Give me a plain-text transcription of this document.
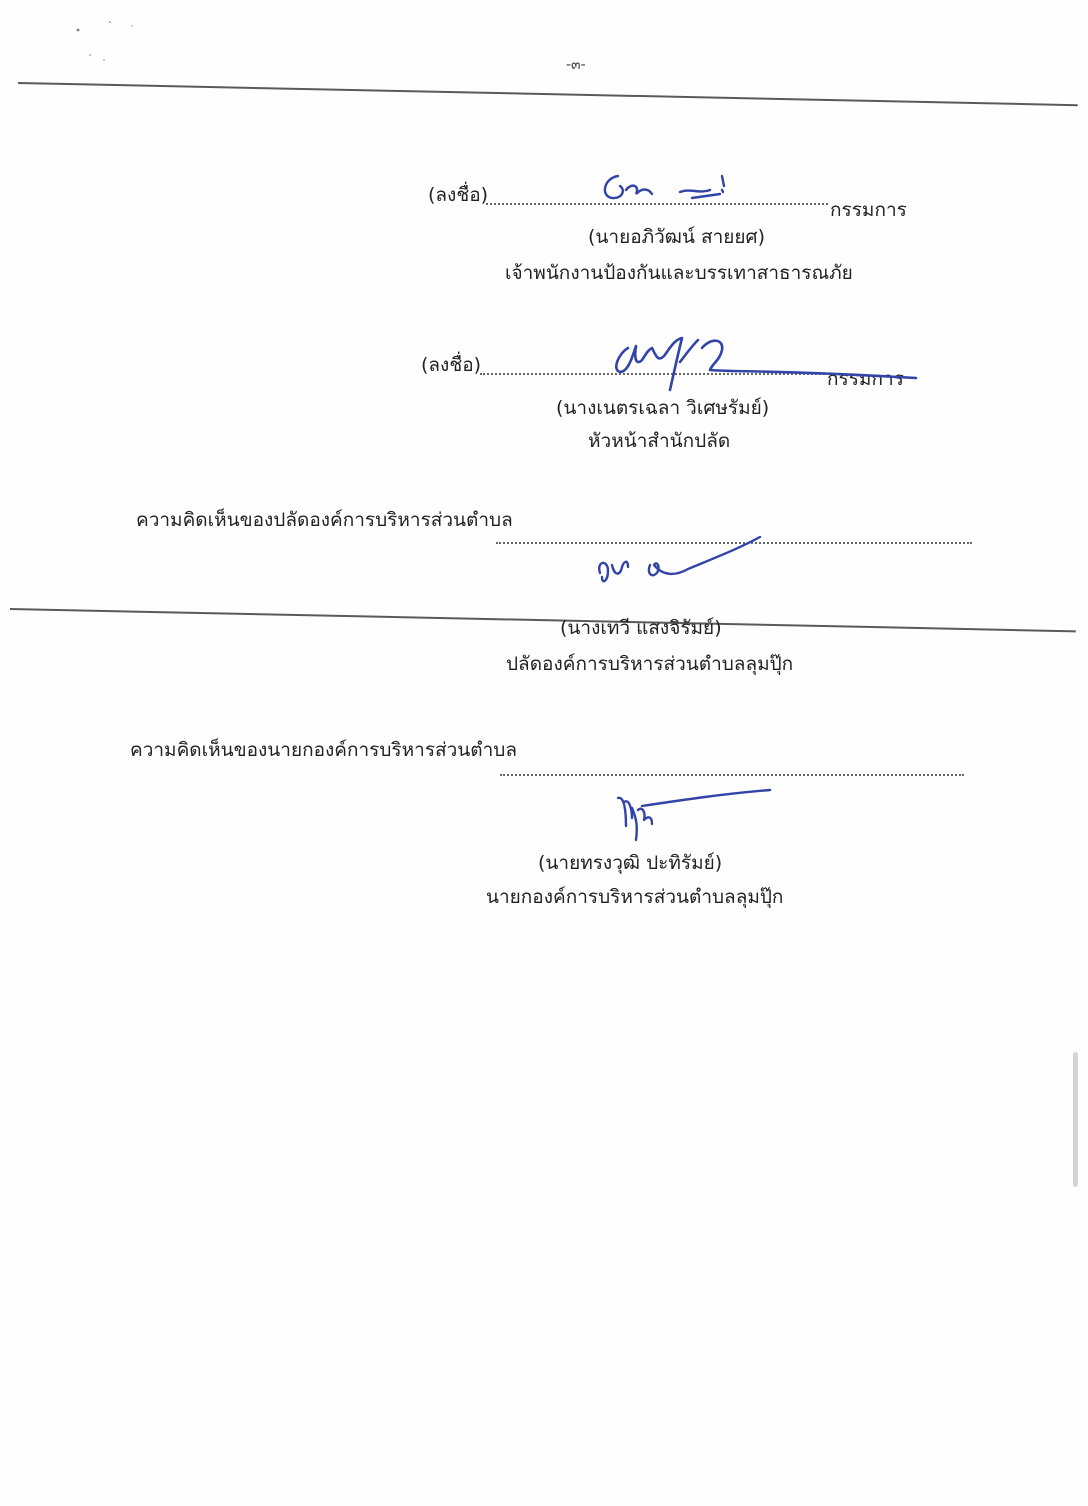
-๓-
(ลงชื่อ)
กรรมการ
(นายอภิวัฒน์ สายยศ)
เจ้าพนักงานป้องกันและบรรเทาสาธารณภัย
(ลงชื่อ)
กรรมการ
(นางเนตรเฉลา วิเศษรัมย์)
หัวหน้าสำนักปลัด
ความคิดเห็นของปลัดองค์การบริหารส่วนตำบล
(นางเทวี แสงจิรัมย์)
ปลัดองค์การบริหารส่วนตำบลลุมปุ๊ก
ความคิดเห็นของนายกองค์การบริหารส่วนตำบล
(นายทรงวุฒิ ปะทิรัมย์)
นายกองค์การบริหารส่วนตำบลลุมปุ๊ก
